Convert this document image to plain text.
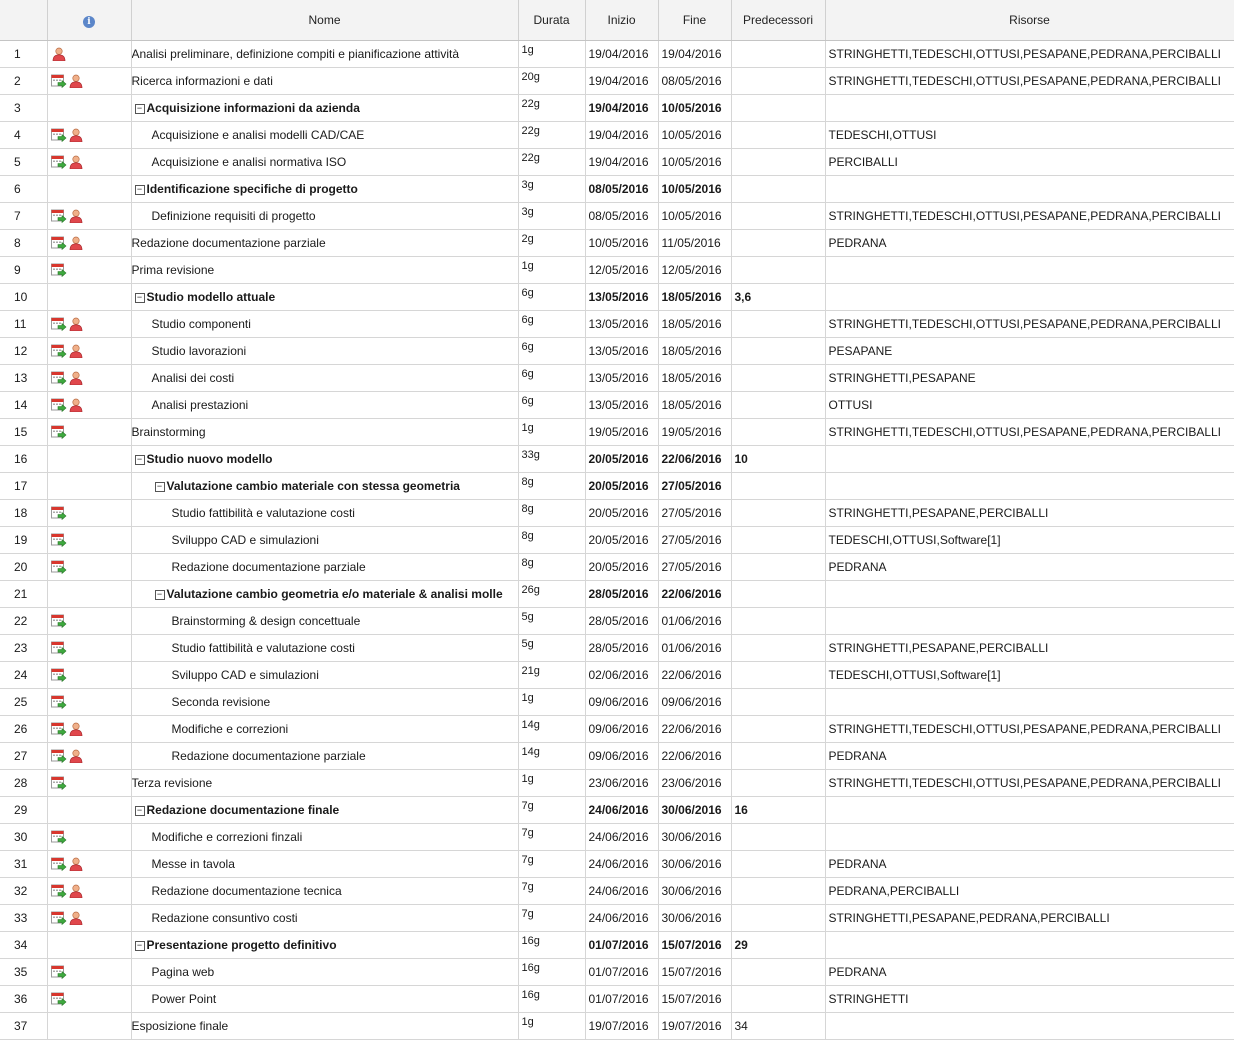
	i	Nome	Durata	Inizio	Fine	Predecessori	Risorse
1		Analisi preliminare, definizione compiti e pianificazione attività	1g	19/04/2016	19/04/2016		STRINGHETTI,TEDESCHI,OTTUSI,PESAPANE,PEDRANA,PERCIBALLI
2		Ricerca informazioni e dati	20g	19/04/2016	08/05/2016		STRINGHETTI,TEDESCHI,OTTUSI,PESAPANE,PEDRANA,PERCIBALLI
3		− Acquisizione informazioni da azienda	22g	19/04/2016	10/05/2016		
4		Acquisizione e analisi modelli CAD/CAE	22g	19/04/2016	10/05/2016		TEDESCHI,OTTUSI
5		Acquisizione e analisi normativa ISO	22g	19/04/2016	10/05/2016		PERCIBALLI
6		− Identificazione specifiche di progetto	3g	08/05/2016	10/05/2016		
7		Definizione requisiti di progetto	3g	08/05/2016	10/05/2016		STRINGHETTI,TEDESCHI,OTTUSI,PESAPANE,PEDRANA,PERCIBALLI
8		Redazione documentazione parziale	2g	10/05/2016	11/05/2016		PEDRANA
9		Prima revisione	1g	12/05/2016	12/05/2016		
10		− Studio modello attuale	6g	13/05/2016	18/05/2016	3,6	
11		Studio componenti	6g	13/05/2016	18/05/2016		STRINGHETTI,TEDESCHI,OTTUSI,PESAPANE,PEDRANA,PERCIBALLI
12		Studio lavorazioni	6g	13/05/2016	18/05/2016		PESAPANE
13		Analisi dei costi	6g	13/05/2016	18/05/2016		STRINGHETTI,PESAPANE
14		Analisi prestazioni	6g	13/05/2016	18/05/2016		OTTUSI
15		Brainstorming	1g	19/05/2016	19/05/2016		STRINGHETTI,TEDESCHI,OTTUSI,PESAPANE,PEDRANA,PERCIBALLI
16		− Studio nuovo modello	33g	20/05/2016	22/06/2016	10	
17		− Valutazione cambio materiale con stessa geometria	8g	20/05/2016	27/05/2016		
18		Studio fattibilità e valutazione costi	8g	20/05/2016	27/05/2016		STRINGHETTI,PESAPANE,PERCIBALLI
19		Sviluppo CAD e simulazioni	8g	20/05/2016	27/05/2016		TEDESCHI,OTTUSI,Software[1]
20		Redazione documentazione parziale	8g	20/05/2016	27/05/2016		PEDRANA
21		− Valutazione cambio geometria e/o materiale & analisi molle	26g	28/05/2016	22/06/2016		
22		Brainstorming & design concettuale	5g	28/05/2016	01/06/2016		
23		Studio fattibilità e valutazione costi	5g	28/05/2016	01/06/2016		STRINGHETTI,PESAPANE,PERCIBALLI
24		Sviluppo CAD e simulazioni	21g	02/06/2016	22/06/2016		TEDESCHI,OTTUSI,Software[1]
25		Seconda revisione	1g	09/06/2016	09/06/2016		
26		Modifiche e correzioni	14g	09/06/2016	22/06/2016		STRINGHETTI,TEDESCHI,OTTUSI,PESAPANE,PEDRANA,PERCIBALLI
27		Redazione documentazione parziale	14g	09/06/2016	22/06/2016		PEDRANA
28		Terza revisione	1g	23/06/2016	23/06/2016		STRINGHETTI,TEDESCHI,OTTUSI,PESAPANE,PEDRANA,PERCIBALLI
29		− Redazione documentazione finale	7g	24/06/2016	30/06/2016	16	
30		Modifiche e correzioni finzali	7g	24/06/2016	30/06/2016		
31		Messe in tavola	7g	24/06/2016	30/06/2016		PEDRANA
32		Redazione documentazione tecnica	7g	24/06/2016	30/06/2016		PEDRANA,PERCIBALLI
33		Redazione consuntivo costi	7g	24/06/2016	30/06/2016		STRINGHETTI,PESAPANE,PEDRANA,PERCIBALLI
34		− Presentazione progetto definitivo	16g	01/07/2016	15/07/2016	29	
35		Pagina web	16g	01/07/2016	15/07/2016		PEDRANA
36		Power Point	16g	01/07/2016	15/07/2016		STRINGHETTI
37		Esposizione finale	1g	19/07/2016	19/07/2016	34	
